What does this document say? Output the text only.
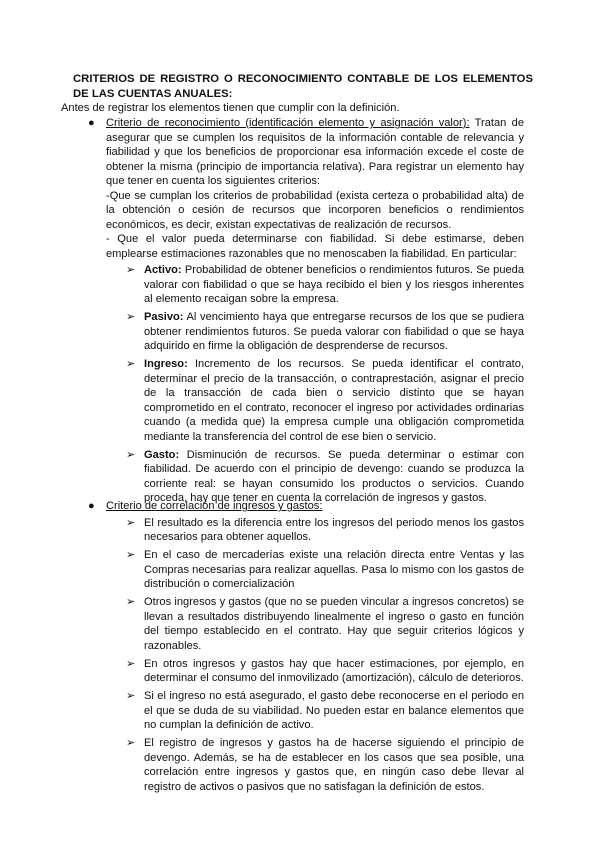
CRITERIOS DE REGISTRO O RECONOCIMIENTO CONTABLE DE LOS ELEMENTOS DE LAS CUENTAS ANUALES:
Antes de registrar los elementos tienen que cumplir con la definición.
● Criterio de reconocimiento (identificación elemento y asignación valor): Tratan de asegurar que se cumplen los requisitos de la información contable de relevancia y fiabilidad y que los beneficios de proporcionar esa información excede el coste de obtener la misma (principio de importancia relativa). Para registrar un elemento hay que tener en cuenta los siguientes criterios:

-Que se cumplan los criterios de probabilidad (exista certeza o probabilidad alta) de la obtención o cesión de recursos que incorporen beneficios o rendimientos económicos, es decir, existan expectativas de realización de recursos.

- Que el valor pueda determinarse con fiabilidad. Si debe estimarse, deben emplearse estimaciones razonables que no menoscaben la fiabilidad. En particular:

➢ Activo: Probabilidad de obtener beneficios o rendimientos futuros. Se pueda valorar con fiabilidad o que se haya recibido el bien y los riesgos inherentes al elemento recaigan sobre la empresa.
➢ Pasivo: Al vencimiento haya que entregarse recursos de los que se pudiera obtener rendimientos futuros. Se pueda valorar con fiabilidad o que se haya adquirido en firme la obligación de desprenderse de recursos.
➢ Ingreso: Incremento de los recursos. Se pueda identificar el contrato, determinar el precio de la transacción, o contraprestación, asignar el precio de la transacción de cada bien o servicio distinto que se hayan comprometido en el contrato, reconocer el ingreso por actividades ordinarias cuando (a medida que) la empresa cumple una obligación comprometida mediante la transferencia del control de ese bien o servicio.
➢ Gasto: Disminución de recursos. Se pueda determinar o estimar con fiabilidad. De acuerdo con el principio de devengo: cuando se produzca la corriente real: se hayan consumido los productos o servicios. Cuando proceda, hay que tener en cuenta la correlación de ingresos y gastos.
● Criterio de correlación de ingresos y gastos:

➢ El resultado es la diferencia entre los ingresos del periodo menos los gastos necesarios para obtener aquellos.
➢ En el caso de mercaderías existe una relación directa entre Ventas y las Compras necesarias para realizar aquellas. Pasa lo mismo con los gastos de distribución o comercialización
➢ Otros ingresos y gastos (que no se pueden vincular a ingresos concretos) se llevan a resultados distribuyendo linealmente el ingreso o gasto en función del tiempo establecido en el contrato. Hay que seguir criterios lógicos y razonables.
➢ En otros ingresos y gastos hay que hacer estimaciones, por ejemplo, en determinar el consumo del inmovilizado (amortización), cálculo de deterioros.
➢ Si el ingreso no está asegurado, el gasto debe reconocerse en el periodo en el que se duda de su viabilidad. No pueden estar en balance elementos que no cumplan la definición de activo.
➢ El registro de ingresos y gastos ha de hacerse siguiendo el principio de devengo. Además, se ha de establecer en los casos que sea posible, una correlación entre ingresos y gastos que, en ningún caso debe llevar al registro de activos o pasivos que no satisfagan la definición de estos.
